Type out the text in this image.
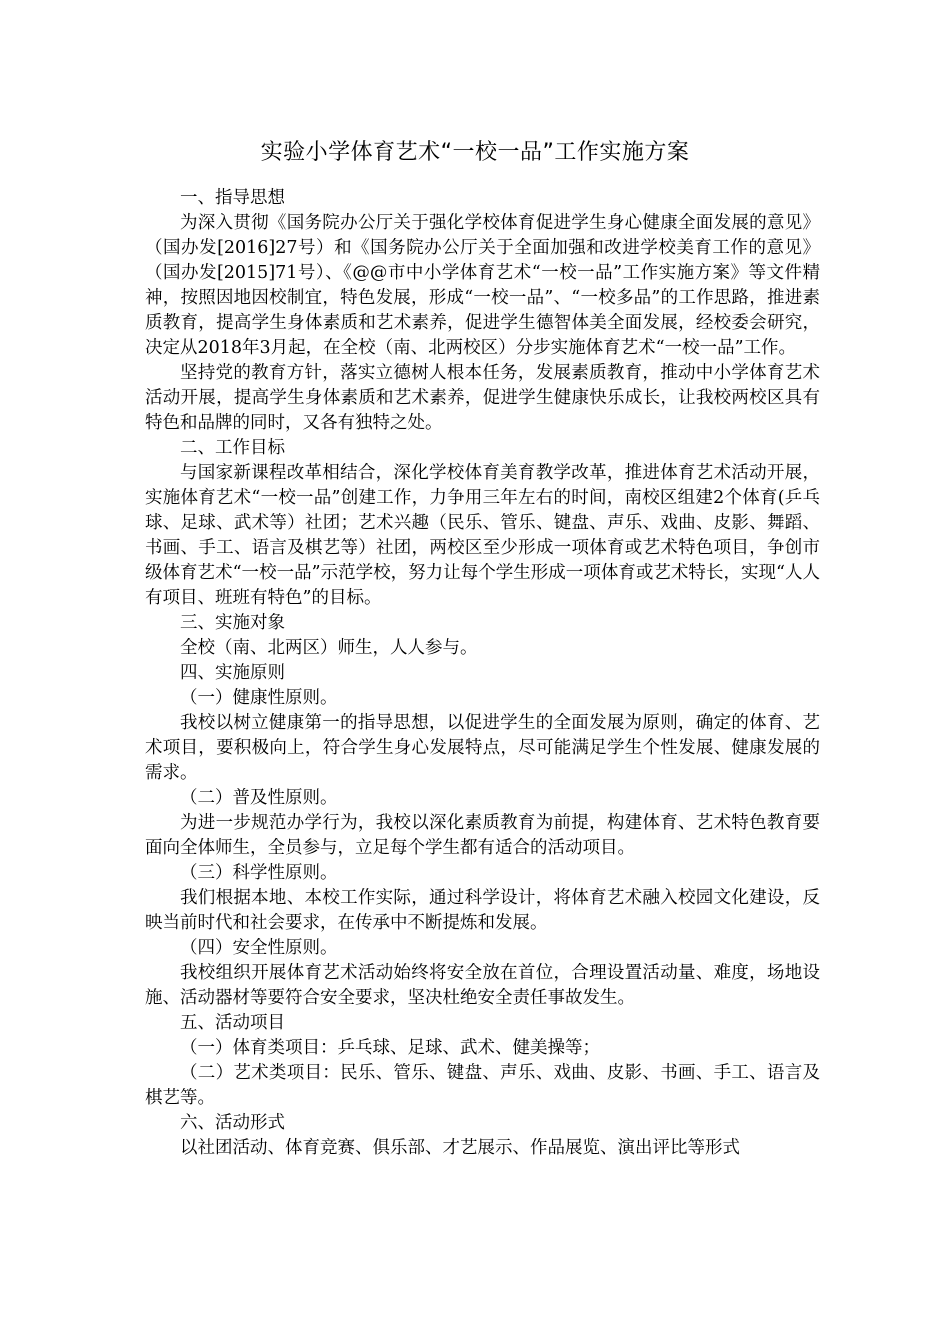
实验小学体育艺术“一校一品”工作实施方案

一、指导思想

为深入贯彻《国务院办公厅关于强化学校体育促进学生身心健康全面发展的意见》（国办发[2016]27号）和《国务院办公厅关于全面加强和改进学校美育工作的意见》（国办发[2015]71号）、《@@市中小学体育艺术“一校一品”工作实施方案》等文件精神，按照因地因校制宜，特色发展，形成“一校一品”、“一校多品”的工作思路，推进素质教育，提高学生身体素质和艺术素养，促进学生德智体美全面发展，经校委会研究，决定从2018年3月起，在全校（南、北两校区）分步实施体育艺术“一校一品”工作。

坚持党的教育方针，落实立德树人根本任务，发展素质教育，推动中小学体育艺术活动开展，提高学生身体素质和艺术素养，促进学生健康快乐成长，让我校两校区具有特色和品牌的同时，又各有独特之处。

二、工作目标

与国家新课程改革相结合，深化学校体育美育教学改革，推进体育艺术活动开展，实施体育艺术“一校一品”创建工作，力争用三年左右的时间，南校区组建2个体育(乒乓球、足球、武术等）社团；艺术兴趣（民乐、管乐、键盘、声乐、戏曲、皮影、舞蹈、书画、手工、语言及棋艺等）社团，两校区至少形成一项体育或艺术特色项目，争创市级体育艺术“一校一品”示范学校，努力让每个学生形成一项体育或艺术特长，实现“人人有项目、班班有特色”的目标。

三、实施对象

全校（南、北两区）师生，人人参与。

四、实施原则

（一）健康性原则。

我校以树立健康第一的指导思想，以促进学生的全面发展为原则，确定的体育、艺术项目，要积极向上，符合学生身心发展特点，尽可能满足学生个性发展、健康发展的需求。

（二）普及性原则。

为进一步规范办学行为，我校以深化素质教育为前提，构建体育、艺术特色教育要面向全体师生，全员参与，立足每个学生都有适合的活动项目。

（三）科学性原则。

我们根据本地、本校工作实际，通过科学设计，将体育艺术融入校园文化建设，反映当前时代和社会要求，在传承中不断提炼和发展。

（四）安全性原则。

我校组织开展体育艺术活动始终将安全放在首位，合理设置活动量、难度，场地设施、活动器材等要符合安全要求，坚决杜绝安全责任事故发生。

五、活动项目

（一）体育类项目：乒乓球、足球、武术、健美操等；

（二）艺术类项目：民乐、管乐、键盘、声乐、戏曲、皮影、书画、手工、语言及棋艺等。

六、活动形式

以社团活动、体育竞赛、俱乐部、才艺展示、作品展览、演出评比等形式
